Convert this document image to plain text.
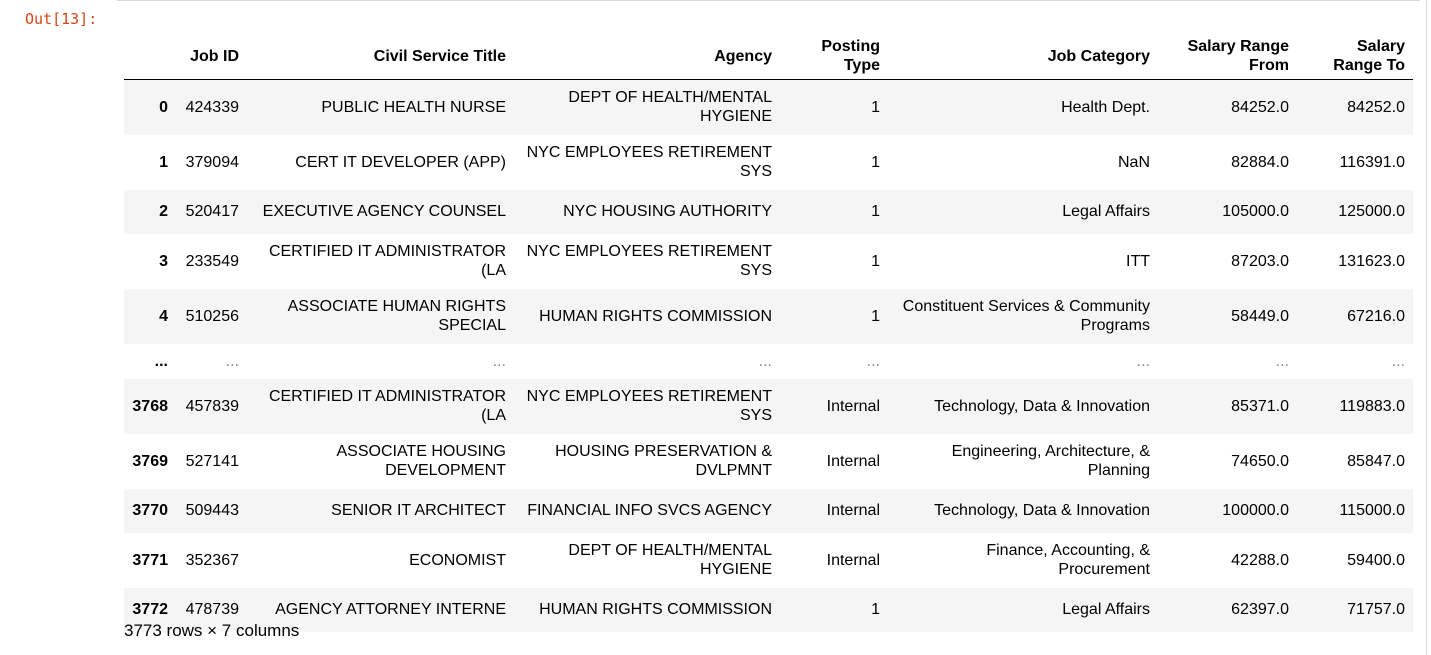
Out[13]:
	Job ID	Civil Service Title	Agency	Posting Type	Job Category	Salary Range From	Salary Range To
0	424339	PUBLIC HEALTH NURSE	DEPT OF HEALTH/MENTAL HYGIENE	1	Health Dept.	84252.0	84252.0
1	379094	CERT IT DEVELOPER (APP)	NYC EMPLOYEES RETIREMENT SYS	1	NaN	82884.0	116391.0
2	520417	EXECUTIVE AGENCY COUNSEL	NYC HOUSING AUTHORITY	1	Legal Affairs	105000.0	125000.0
3	233549	CERTIFIED IT ADMINISTRATOR (LA	NYC EMPLOYEES RETIREMENT SYS	1	ITT	87203.0	131623.0
4	510256	ASSOCIATE HUMAN RIGHTS SPECIAL	HUMAN RIGHTS COMMISSION	1	Constituent Services & Community Programs	58449.0	67216.0
...	...	...	...	...	...	...	...
3768	457839	CERTIFIED IT ADMINISTRATOR (LA	NYC EMPLOYEES RETIREMENT SYS	Internal	Technology, Data & Innovation	85371.0	119883.0
3769	527141	ASSOCIATE HOUSING DEVELOPMENT	HOUSING PRESERVATION & DVLPMNT	Internal	Engineering, Architecture, & Planning	74650.0	85847.0
3770	509443	SENIOR IT ARCHITECT	FINANCIAL INFO SVCS AGENCY	Internal	Technology, Data & Innovation	100000.0	115000.0
3771	352367	ECONOMIST	DEPT OF HEALTH/MENTAL HYGIENE	Internal	Finance, Accounting, & Procurement	42288.0	59400.0
3772	478739	AGENCY ATTORNEY INTERNE	HUMAN RIGHTS COMMISSION	1	Legal Affairs	62397.0	71757.0
3773 rows × 7 columns
